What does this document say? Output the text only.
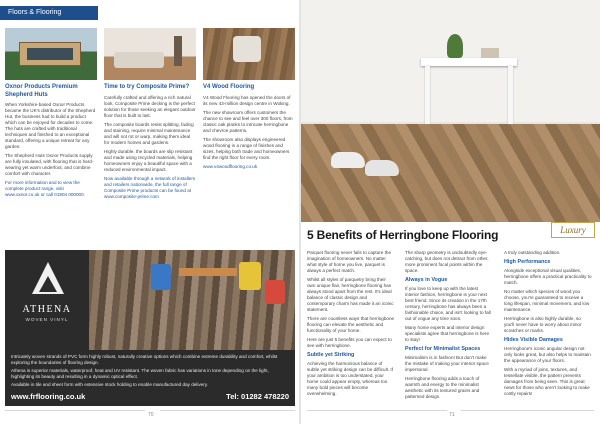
Floors & Flooring
Oxnor Products Premium Shepherd Huts

When Yorkshire-based Oxnor Products became the UK's distributor of the Shepherd Hut, the business had to build a product which can be enjoyed for decades to come. The huts are crafted with traditional techniques and finished to an exceptional standard, offering a unique retreat for any garden.

The Shepherd Huts Oxnor Products supply are fully insulated, with flooring that is hard-wearing yet warm underfoot, and combine comfort with character.

For more information and to view the complete product range, visit www.oxnor.co.uk or call 01904 000000.

Time to try Composite Prime?

Carefully crafted and offering a rich natural look, Composite Prime decking is the perfect solution for those seeking an elegant outdoor floor that is built to last.

The composite boards resist splitting, fading and staining, require minimal maintenance and will not rot or warp, making them ideal for modern homes and gardens.

Highly durable, the boards are slip resistant and made using recycled materials, helping homeowners enjoy a beautiful space with a reduced environmental impact.

Now available through a network of installers and retailers nationwide, the full range of Composite Prime products can be found at www.composite-prime.com

V4 Wood Flooring

V4 Wood Flooring has opened the doors of its new 43-million design centre in Woking.

The new showroom offers customers the chance to see and feel over 300 floors, from classic oak planks to intricate herringbone and chevron patterns.

The showroom also displays engineered wood flooring in a range of finishes and sizes, helping both trade and homeowners find the right floor for every room.

www.v4woodflooring.co.uk

ATHENA
WOVEN VINYL
Intricately woven strands of PVC form highly robust, naturally creative options which combine extreme durability and comfort, whilst exploring the boundaries of flooring design.
Athena is superior materials, waterproof, heat and UV resistant. The woven fabric has variations in tone depending on the light, highlighting its beauty and resulting in a dynamic optical effect.
Available in tile and sheet form with extensive stock holding to enable manufactured day delivery.
www.frflooring.co.uk	Tel: 01282 478220
70
Luxury
5 Benefits of Herringbone Flooring

Parquet flooring never fails to capture the imagination of homeowners. No matter what style of home you live, parquet is always a perfect match.

Whilst all styles of parquetry bring their own unique flair, herringbone flooring has always stood apart from the rest. It's ideal balance of classic design and contemporary charm has made it an iconic statement.

There are countless ways that herringbone flooring can elevate the aesthetic and functionality of your home.

Here are just 5 benefits you can expect to see with herringbone.

Subtle yet Striking

Achieving the harmonious balance of subtle yet striking design can be difficult. If your ambition is too understated, your home could appear empty, whereas too many bold pieces will become overwhelming.

The sharp geometry is undoubtedly eye-catching, but does not detract from other, more prominent focal points within the space.

Always in Vogue

If you love to keep up with the latest interior fashion, herringbone is your next best friend. Since its creation in the 17th century, herringbone has always been a fashionable choice, and isn't looking to fall out of vogue any time soon.

Many home experts and interior design specialists agree that herringbone is here to stay!

Perfect for Minimalist Spaces

Minimalism is in fashion! But don't make the mistake of making your interior space impersonal.

Herringbone flooring adds a touch of warmth and energy to the minimalist aesthetic with its textured grains and patterned design.

A truly outstanding addition.

High Performance

Alongside exceptional visual qualities, herringbone offers a practical practicality to match.

No matter which species of wood you choose, you're guaranteed to receive a long lifespan, minimal movement, and low maintenance.

Herringbone is also highly durable, so you'll never have to worry about minor scratches or marks.

Hides Visible Damages

Herringbone's iconic angular design not only looks great, but also helps to maintain the appearance of your floors.

With a myriad of joins, textures, and tessellate visible, the pattern prevents damages from being seen. This is great news for those who aren't looking to make costly repairs!

71
